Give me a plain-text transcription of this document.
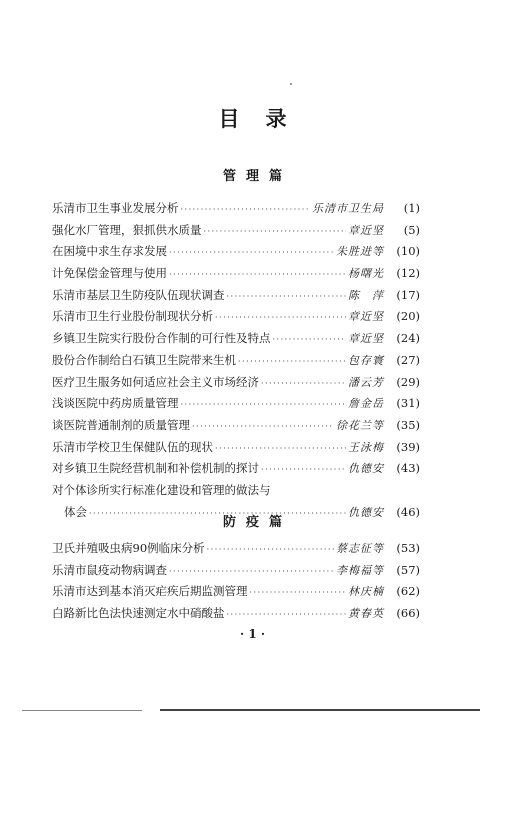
目录
管理篇
乐清市卫生事业发展分析 ·····	乐清市卫生局	(1)
强化水厂管理，狠抓供水质量 ·····	章近坚	(5)
在困境中求生存求发展 ·····	朱胜进等	(10)
计免保偿金管理与使用 ·····	杨曙光	(12)
乐清市基层卫生防疫队伍现状调查 ·····	陈　萍	(17)
乐清市卫生行业股份制现状分析 ·····	章近坚	(20)
乡镇卫生院实行股份合作制的可行性及特点 ·····	章近坚	(24)
股份合作制给白石镇卫生院带来生机 ·····	包存寰	(27)
医疗卫生服务如何适应社会主义市场经济 ·····	潘云芳	(29)
浅谈医院中药房质量管理 ·····	詹金岳	(31)
谈医院普通制剂的质量管理 ·····	徐花兰等	(35)
乐清市学校卫生保健队伍的现状 ·····	王泳梅	(39)
对乡镇卫生院经营机制和补偿机制的探讨 ·····	仇德安	(43)
对个体诊所实行标准化建设和管理的做法与
体会 ·····	仇德安	(46)
防疫篇
卫氏并殖吸虫病90例临床分析 ·····	蔡志征等	(53)
乐清市鼠疫动物病调查 ·····	李梅福等	(57)
乐清市达到基本消灭疟疾后期监测管理 ·····	林庆楠	(62)
白路新比色法快速测定水中硝酸盐 ·····	黄春英	(66)
· 1 ·
